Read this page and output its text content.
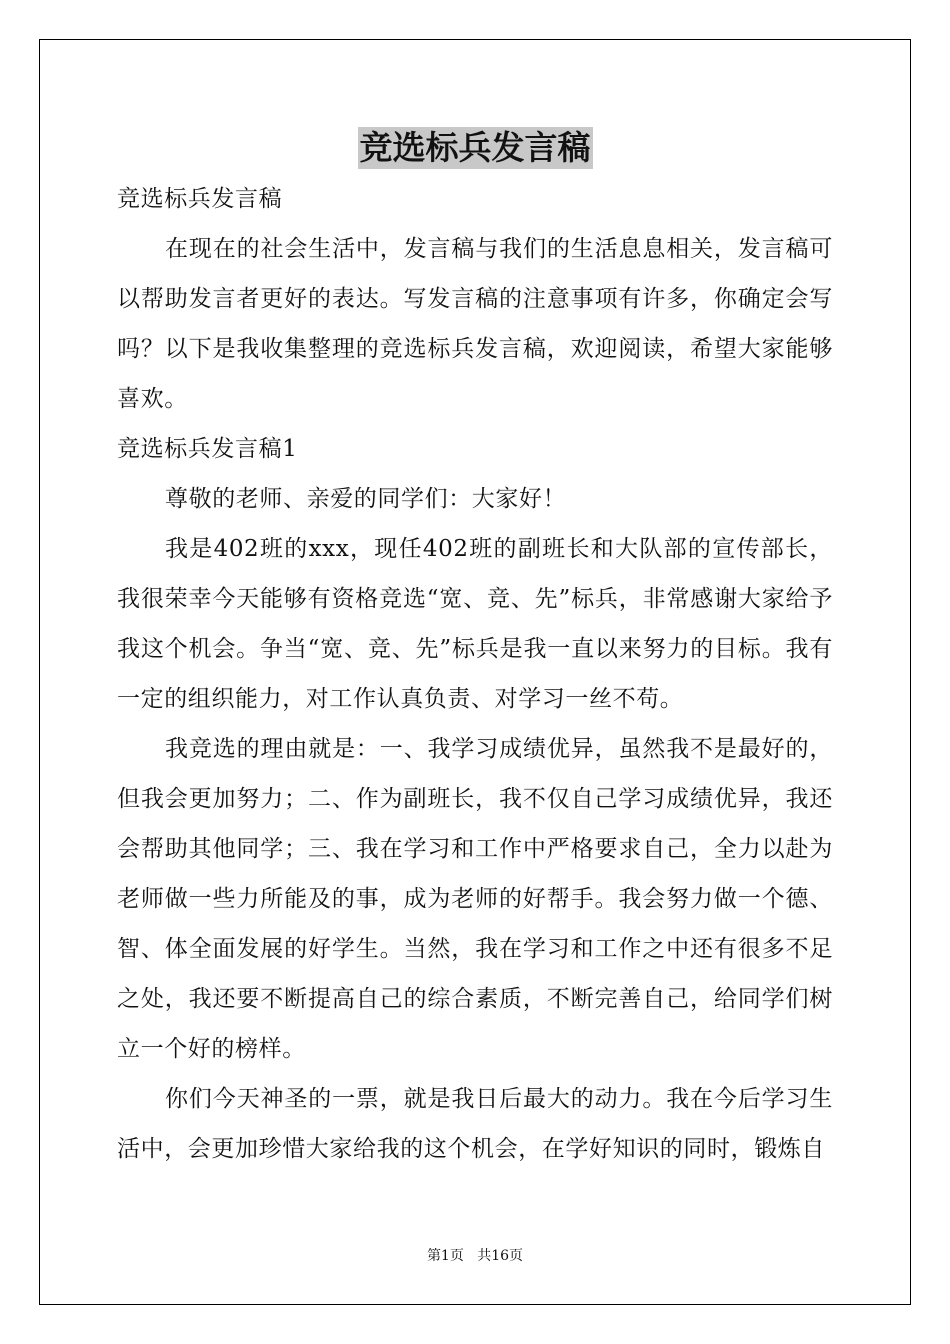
竞选标兵发言稿

竞选标兵发言稿

在现在的社会生活中，发言稿与我们的生活息息相关，发言稿可以帮助发言者更好的表达。写发言稿的注意事项有许多，你确定会写吗？以下是我收集整理的竞选标兵发言稿，欢迎阅读，希望大家能够喜欢。

竞选标兵发言稿1

尊敬的老师、亲爱的同学们：大家好！

我是402班的xxx，现任402班的副班长和大队部的宣传部长，我很荣幸今天能够有资格竞选“宽、竞、先”标兵，非常感谢大家给予我这个机会。争当“宽、竞、先”标兵是我一直以来努力的目标。我有一定的组织能力，对工作认真负责、对学习一丝不苟。

我竞选的理由就是：一、我学习成绩优异，虽然我不是最好的，但我会更加努力；二、作为副班长，我不仅自己学习成绩优异，我还会帮助其他同学；三、我在学习和工作中严格要求自己，全力以赴为老师做一些力所能及的事，成为老师的好帮手。我会努力做一个德、智、体全面发展的好学生。当然，我在学习和工作之中还有很多不足之处，我还要不断提高自己的综合素质，不断完善自己，给同学们树立一个好的榜样。

你们今天神圣的一票，就是我日后最大的动力。我在今后学习生活中，会更加珍惜大家给我的这个机会，在学好知识的同时，锻炼自

第1页 共16页
